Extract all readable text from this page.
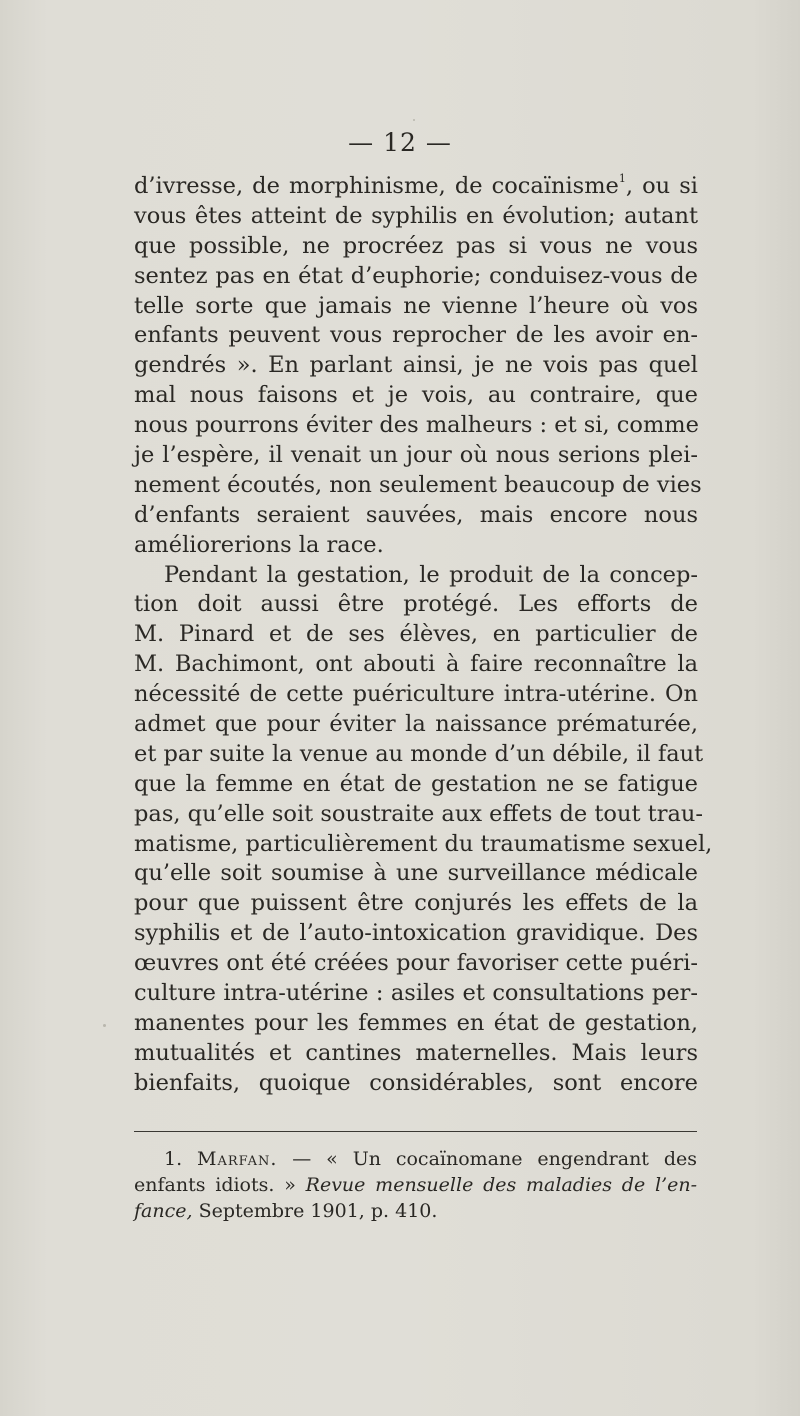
— 12 —
d’ivresse, de morphinisme, de cocaïnisme$^1$, ou si
vous êtes atteint de syphilis en évolution; autant
que possible, ne procréez pas si vous ne vous
sentez pas en état d’euphorie; conduisez-vous de
telle sorte que jamais ne vienne l’heure où vos
enfants peuvent vous reprocher de les avoir en-
gendrés ». En parlant ainsi, je ne vois pas quel
mal nous faisons et je vois, au contraire, que
nous pourrons éviter des malheurs : et si, comme
je l’espère, il venait un jour où nous serions plei-
nement écoutés, non seulement beaucoup de vies
d’enfants seraient sauvées, mais encore nous
améliorerions la race.
Pendant la gestation, le produit de la concep-
tion doit aussi être protégé. Les efforts de
M. Pinard et de ses élèves, en particulier de
M. Bachimont, ont abouti à faire reconnaître la
nécessité de cette puériculture intra-utérine. On
admet que pour éviter la naissance prématurée,
et par suite la venue au monde d’un débile, il faut
que la femme en état de gestation ne se fatigue
pas, qu’elle soit soustraite aux effets de tout trau-
matisme, particulièrement du traumatisme sexuel,
qu’elle soit soumise à une surveillance médicale
pour que puissent être conjurés les effets de la
syphilis et de l’auto-intoxication gravidique. Des
œuvres ont été créées pour favoriser cette puéri-
culture intra-utérine : asiles et consultations per-
manentes pour les femmes en état de gestation,
mutualités et cantines maternelles. Mais leurs
bienfaits, quoique considérables, sont encore
1. Marfan. — « Un cocaïnomane engendrant des
enfants idiots. » Revue mensuelle des maladies de l’en-
fance, Septembre 1901, p. 410.
